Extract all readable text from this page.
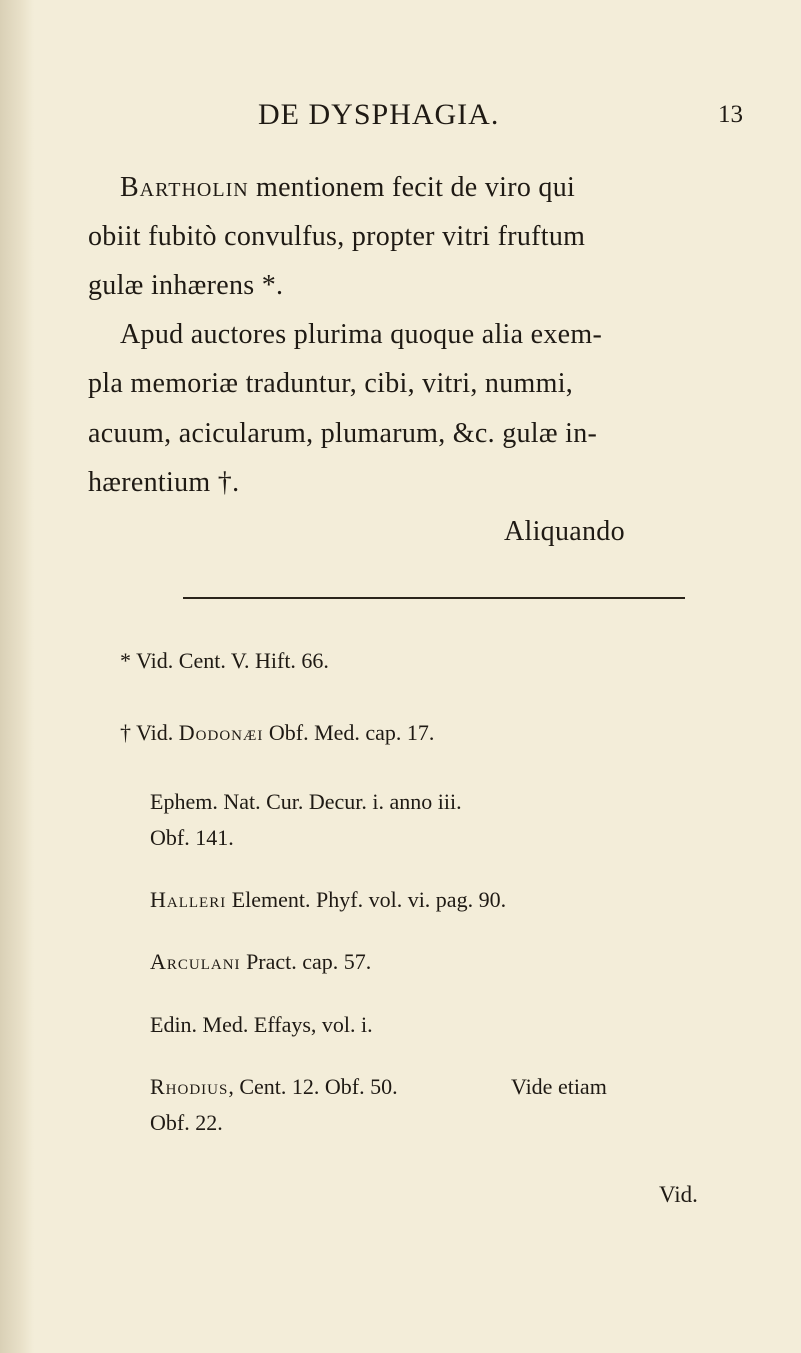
DE DYSPHAGIA.	13
Bartholin mentionem fecit de viro qui
obiit fubitò convulfus, propter vitri fruftum
gulæ inhærens *.
Apud auctores plurima quoque alia exem-
pla memoriæ traduntur, cibi, vitri, nummi,
acuum, acicularum, plumarum, &c. gulæ in-
hærentium †.
Aliquando
* Vid. Cent. V. Hift. 66.
† Vid. Dodonæi Obf. Med. cap. 17.
Ephem. Nat. Cur. Decur. i. anno iii.
Obf. 141.
Halleri Element. Phyf. vol. vi. pag. 90.
Arculani Pract. cap. 57.
Edin. Med. Effays, vol. i.
Rhodius, Cent. 12. Obf. 50.	Vide etiam
Obf. 22.
Vid.
